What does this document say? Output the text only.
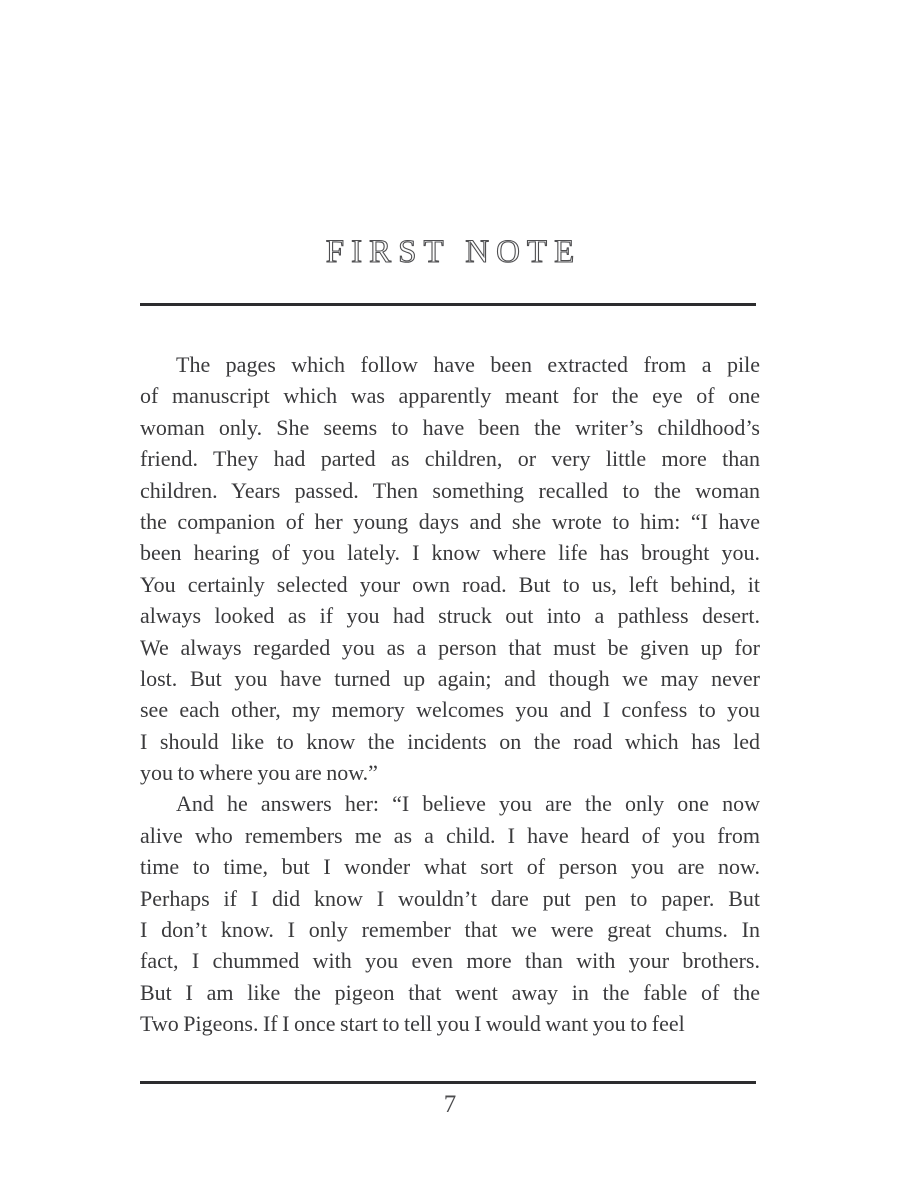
FIRST NOTE
The pages which follow have been extracted from a pile
of manuscript which was apparently meant for the eye of one
woman only. She seems to have been the writer’s childhood’s
friend. They had parted as children, or very little more than
children. Years passed. Then something recalled to the woman
the companion of her young days and she wrote to him: “I have
been hearing of you lately. I know where life has brought you.
You certainly selected your own road. But to us, left behind, it
always looked as if you had struck out into a pathless desert.
We always regarded you as a person that must be given up for
lost. But you have turned up again; and though we may never
see each other, my memory welcomes you and I confess to you
I should like to know the incidents on the road which has led
you to where you are now.”
And he answers her: “I believe you are the only one now
alive who remembers me as a child. I have heard of you from
time to time, but I wonder what sort of person you are now.
Perhaps if I did know I wouldn’t dare put pen to paper. But
I don’t know. I only remember that we were great chums. In
fact, I chummed with you even more than with your brothers.
But I am like the pigeon that went away in the fable of the
Two Pigeons. If I once start to tell you I would want you to feel
7
